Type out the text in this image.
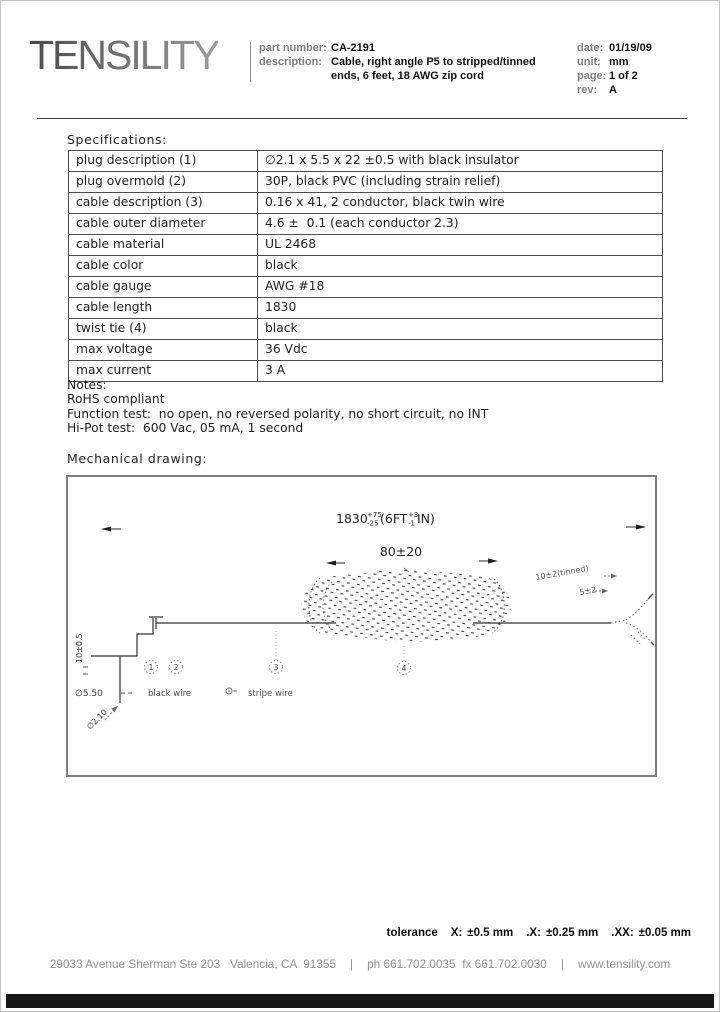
TENSILITY	part number: CA-2191
description: Cable, right angle P5 to stripped/tinned
ends, 6 feet, 18 AWG zip cord
date: 01/19/09
unit: mm
page: 1 of 2
rev:	A
Specifications:
plug description (1)	∅2.1 x 5.5 x 22 ±0.5 with black insulator
plug overmold (2)	30P, black PVC (including strain relief)
cable description (3)	0.16 x 41, 2 conductor, black twin wire
cable outer diameter	4.6 ±  0.1 (each conductor 2.3)
cable material	UL 2468
cable color	black
cable gauge	AWG #18
cable length	1830
twist tie (4)	black
max voltage	36 Vdc
max current	3 A
Notes:
RoHS compliant
Function test:  no open, no reversed polarity, no short circuit, no INT
Hi-Pot test:  600 Vac, 05 mA, 1 second
Mechanical drawing:
1830 +75
-25 (6FT +3
-1 IN)
80±20
10±0.5
∅5.50
∅2.10
1	2	3	4
black wire	stripe wire
10±2(tinned)
5±2
tolerance X: ±0.5 mm .X: ±0.25 mm .XX: ±0.05 mm
29033 Avenue Sherman Ste 203   Valencia, CA  91355 | ph 661.702.0035  fx 661.702.0030 | www.tensility.com
